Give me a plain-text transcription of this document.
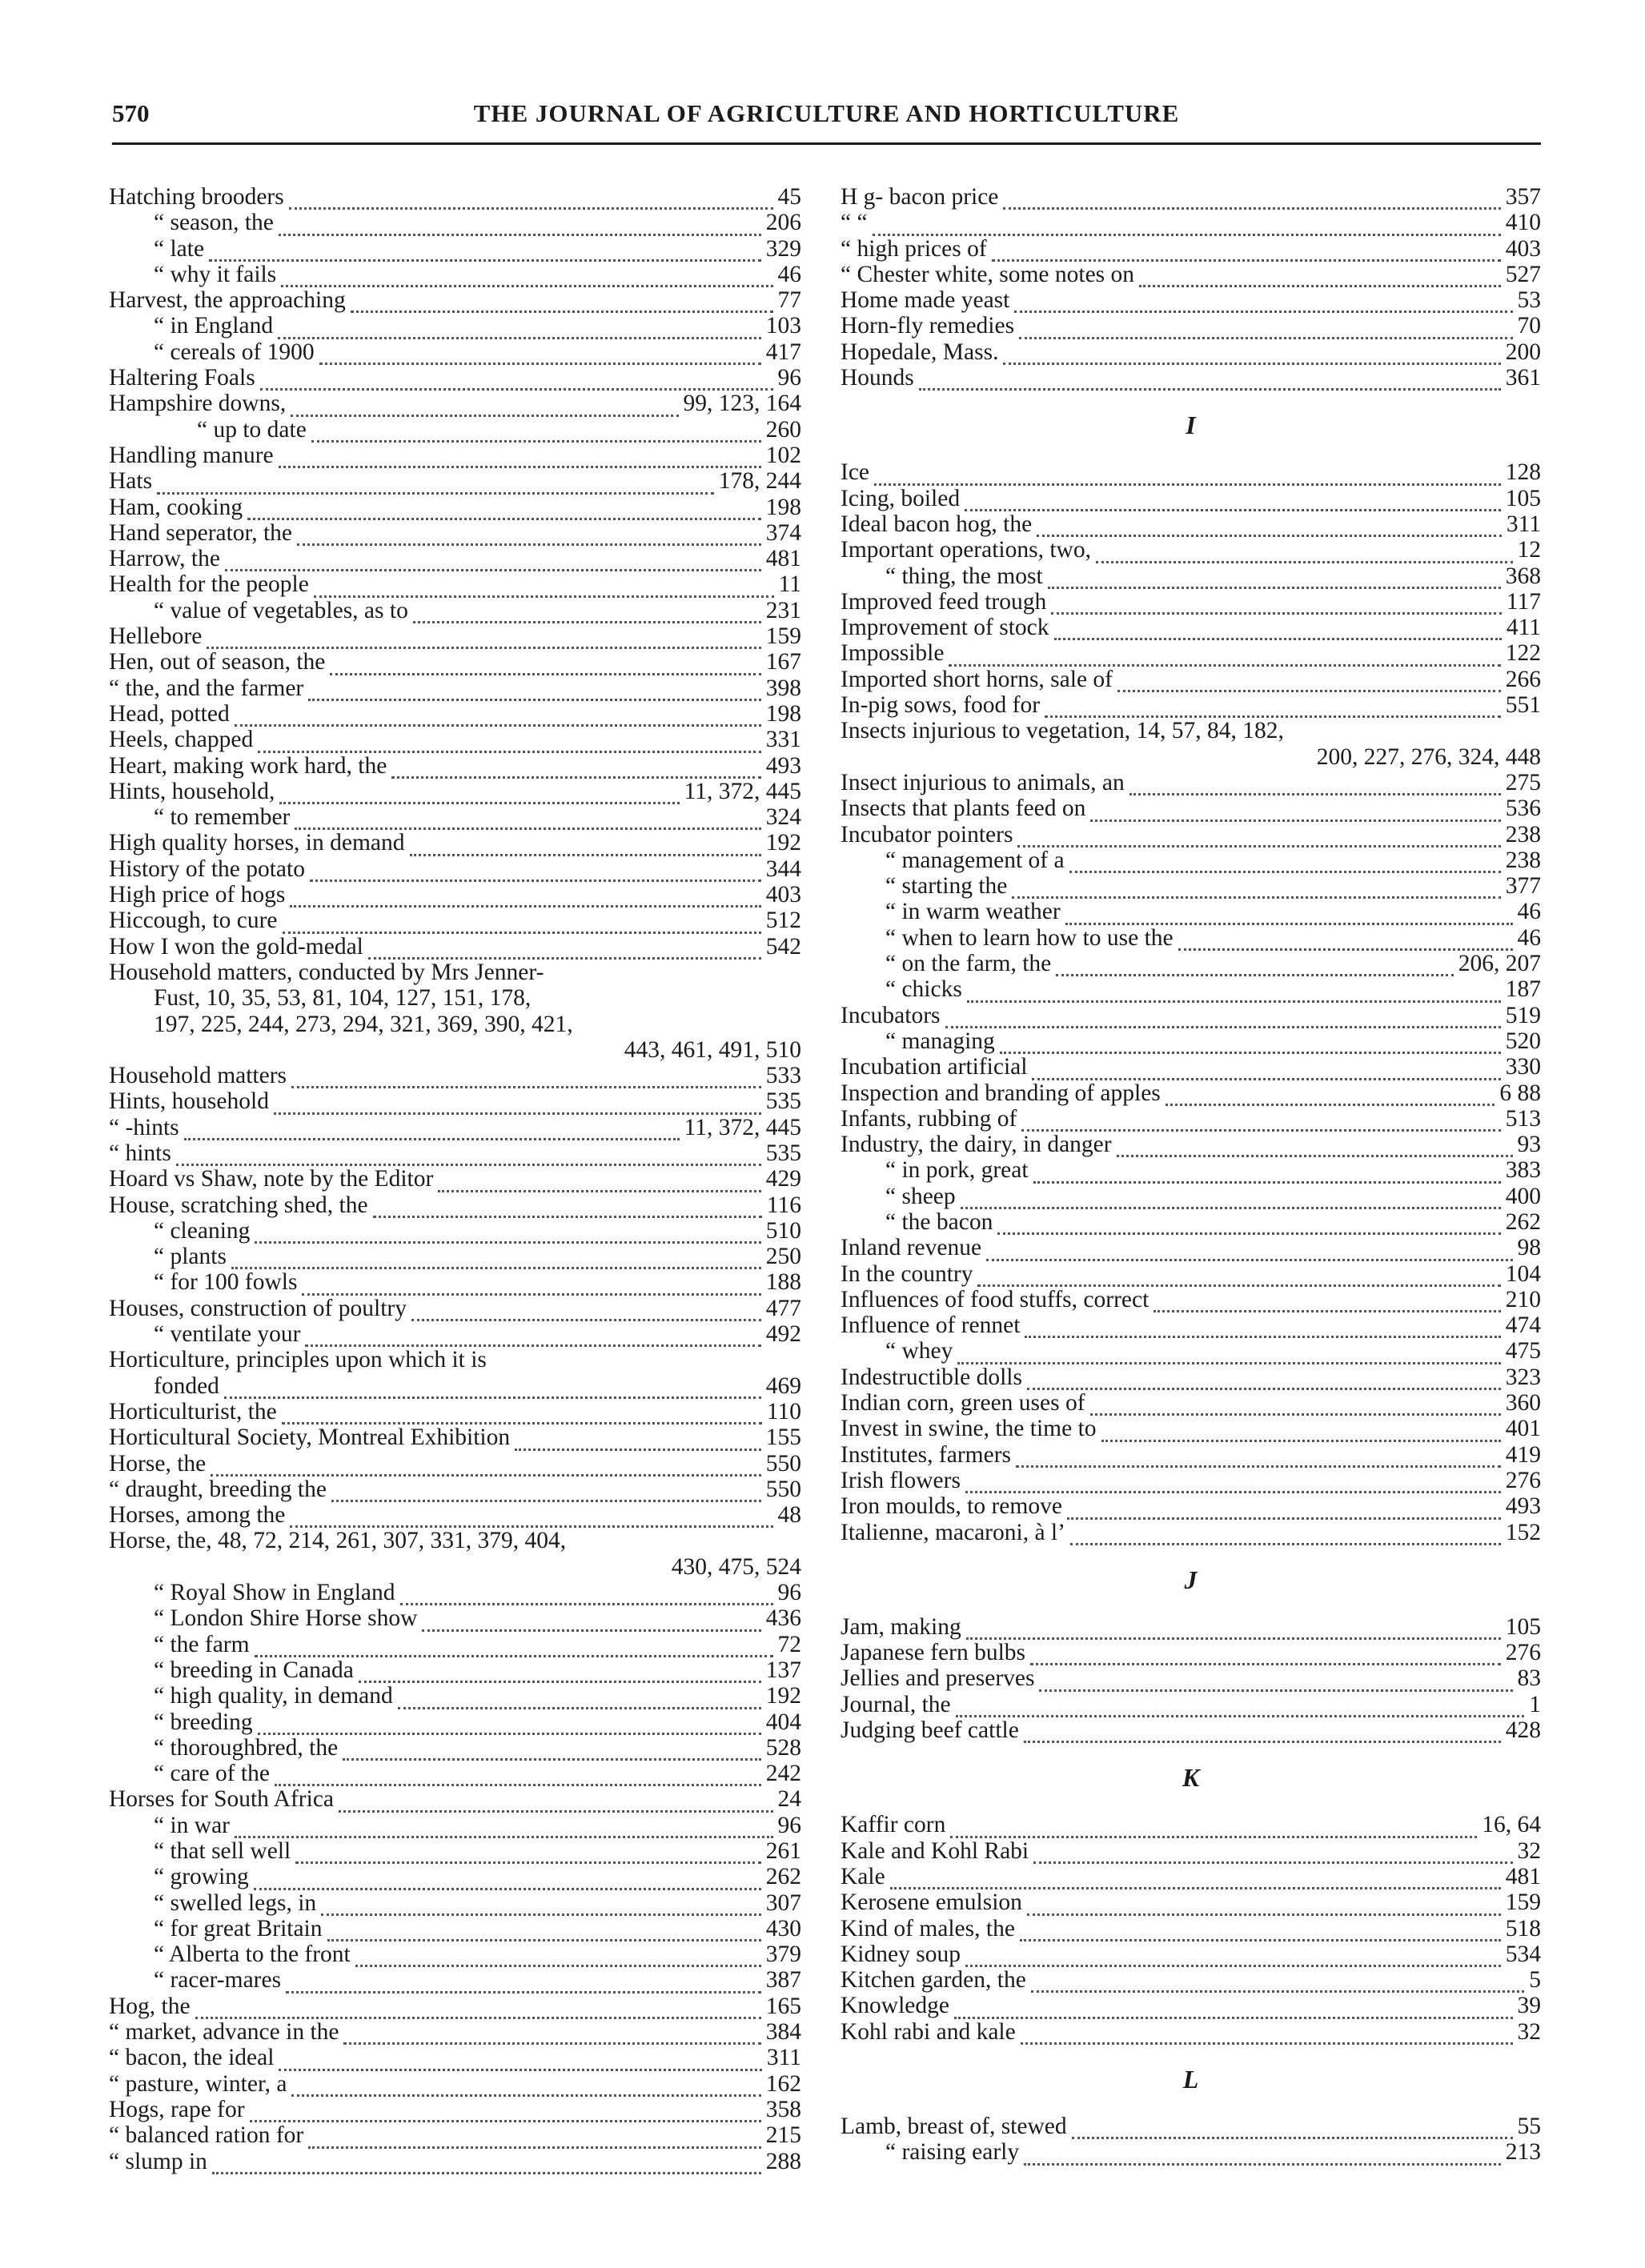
570	THE JOURNAL OF AGRICULTURE AND HORTICULTURE
Hatching brooders	45
“ season, the	206
“ late	329
“ why it fails	46
Harvest, the approaching	77
“ in England	103
“ cereals of 1900	417
Haltering Foals	96
Hampshire downs,	99, 123, 164
“ up to date	260
Handling manure	102
Hats	178, 244
Ham, cooking	198
Hand seperator, the	374
Harrow, the	481
Health for the people	11
“ value of vegetables, as to	231
Hellebore	159
Hen, out of season, the	167
“ the, and the farmer	398
Head, potted	198
Heels, chapped	331
Heart, making work hard, the	493
Hints, household,	11, 372, 445
“ to remember	324
High quality horses, in demand	192
History of the potato	344
High price of hogs	403
Hiccough, to cure	512
How I won the gold-medal	542
Household matters, conducted by Mrs Jenner-
Fust, 10, 35, 53, 81, 104, 127, 151, 178,
197, 225, 244, 273, 294, 321, 369, 390, 421,
443, 461, 491, 510
Household matters	533
Hints, household	535
“ -hints	11, 372, 445
“ hints	535
Hoard vs Shaw, note by the Editor	429
House, scratching shed, the	116
“ cleaning	510
“ plants	250
“ for 100 fowls	188
Houses, construction of poultry	477
“ ventilate your	492
Horticulture, principles upon which it is
fonded	469
Horticulturist, the	110
Horticultural Society, Montreal Exhibition	155
Horse, the	550
“ draught, breeding the	550
Horses, among the	48
Horse, the, 48, 72, 214, 261, 307, 331, 379, 404,
430, 475, 524
“ Royal Show in England	96
“ London Shire Horse show	436
“ the farm	72
“ breeding in Canada	137
“ high quality, in demand	192
“ breeding	404
“ thoroughbred, the	528
“ care of the	242
Horses for South Africa	24
“ in war	96
“ that sell well	261
“ growing	262
“ swelled legs, in	307
“ for great Britain	430
“ Alberta to the front	379
“ racer-mares	387
Hog, the	165
“ market, advance in the	384
“ bacon, the ideal	311
“ pasture, winter, a	162
Hogs, rape for	358
“ balanced ration for	215
“ slump in	288
H g- bacon price	357
“ “	410
“ high prices of	403
“ Chester white, some notes on	527
Home made yeast	53
Horn-fly remedies	70
Hopedale, Mass.	200
Hounds	361
I
Ice	128
Icing, boiled	105
Ideal bacon hog, the	311
Important operations, two,	12
“ thing, the most	368
Improved feed trough	117
Improvement of stock	411
Impossible	122
Imported short horns, sale of	266
In-pig sows, food for	551
Insects injurious to vegetation, 14, 57, 84, 182,
200, 227, 276, 324, 448
Insect injurious to animals, an	275
Insects that plants feed on	536
Incubator pointers	238
“ management of a	238
“ starting the	377
“ in warm weather	46
“ when to learn how to use the	46
“ on the farm, the	206, 207
“ chicks	187
Incubators	519
“ managing	520
Incubation artificial	330
Inspection and branding of apples	6 88
Infants, rubbing of	513
Industry, the dairy, in danger	93
“ in pork, great	383
“ sheep	400
“ the bacon	262
Inland revenue	98
In the country	104
Influences of food stuffs, correct	210
Influence of rennet	474
“ whey	475
Indestructible dolls	323
Indian corn, green uses of	360
Invest in swine, the time to	401
Institutes, farmers	419
Irish flowers	276
Iron moulds, to remove	493
Italienne, macaroni, à l’	152
J
Jam, making	105
Japanese fern bulbs	276
Jellies and preserves	83
Journal, the	1
Judging beef cattle	428
K
Kaffir corn	16, 64
Kale and Kohl Rabi	32
Kale	481
Kerosene emulsion	159
Kind of males, the	518
Kidney soup	534
Kitchen garden, the	5
Knowledge	39
Kohl rabi and kale	32
L
Lamb, breast of, stewed	55
“ raising early	213
